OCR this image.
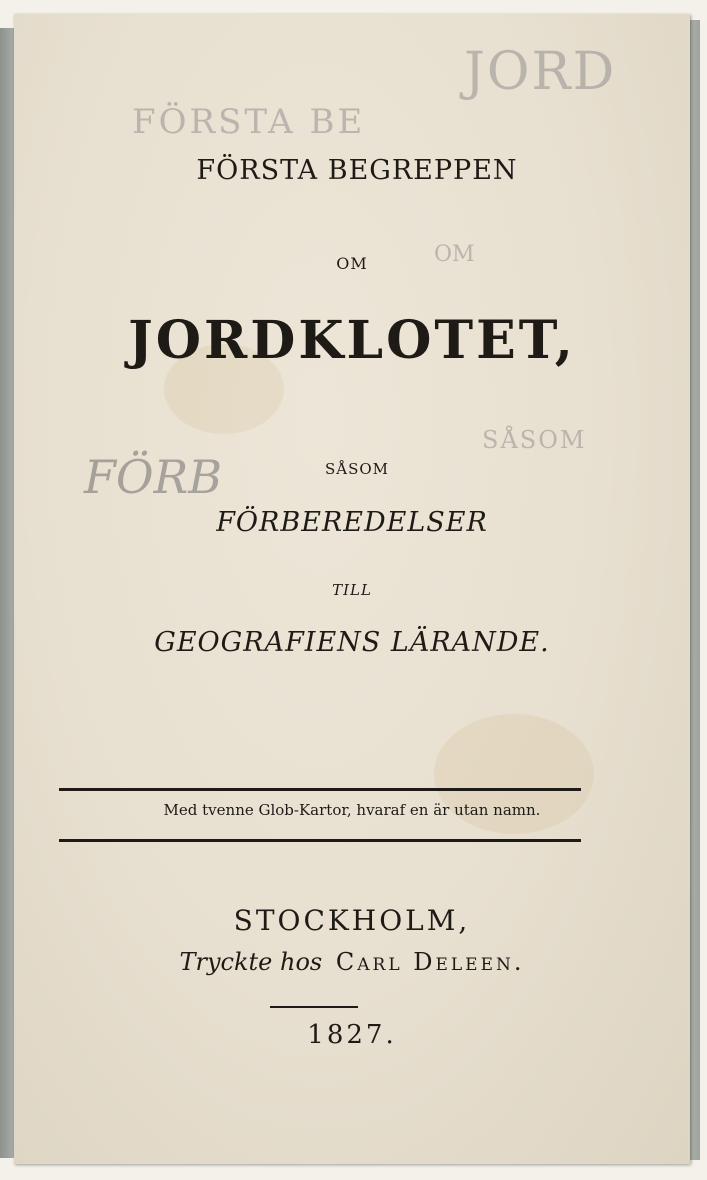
FÖRSTA BE
JORD
OM
SÅSOM
FÖRB
FÖRSTA BEGREPPEN
OM
JORDKLOTET,
SÅSOM
FÖRBEREDELSER
TILL
GEOGRAFIENS LÄRANDE.
Med tvenne Glob-Kartor, hvaraf en är utan namn.
STOCKHOLM,
Tryckte hos Carl Deleen.
1827.
